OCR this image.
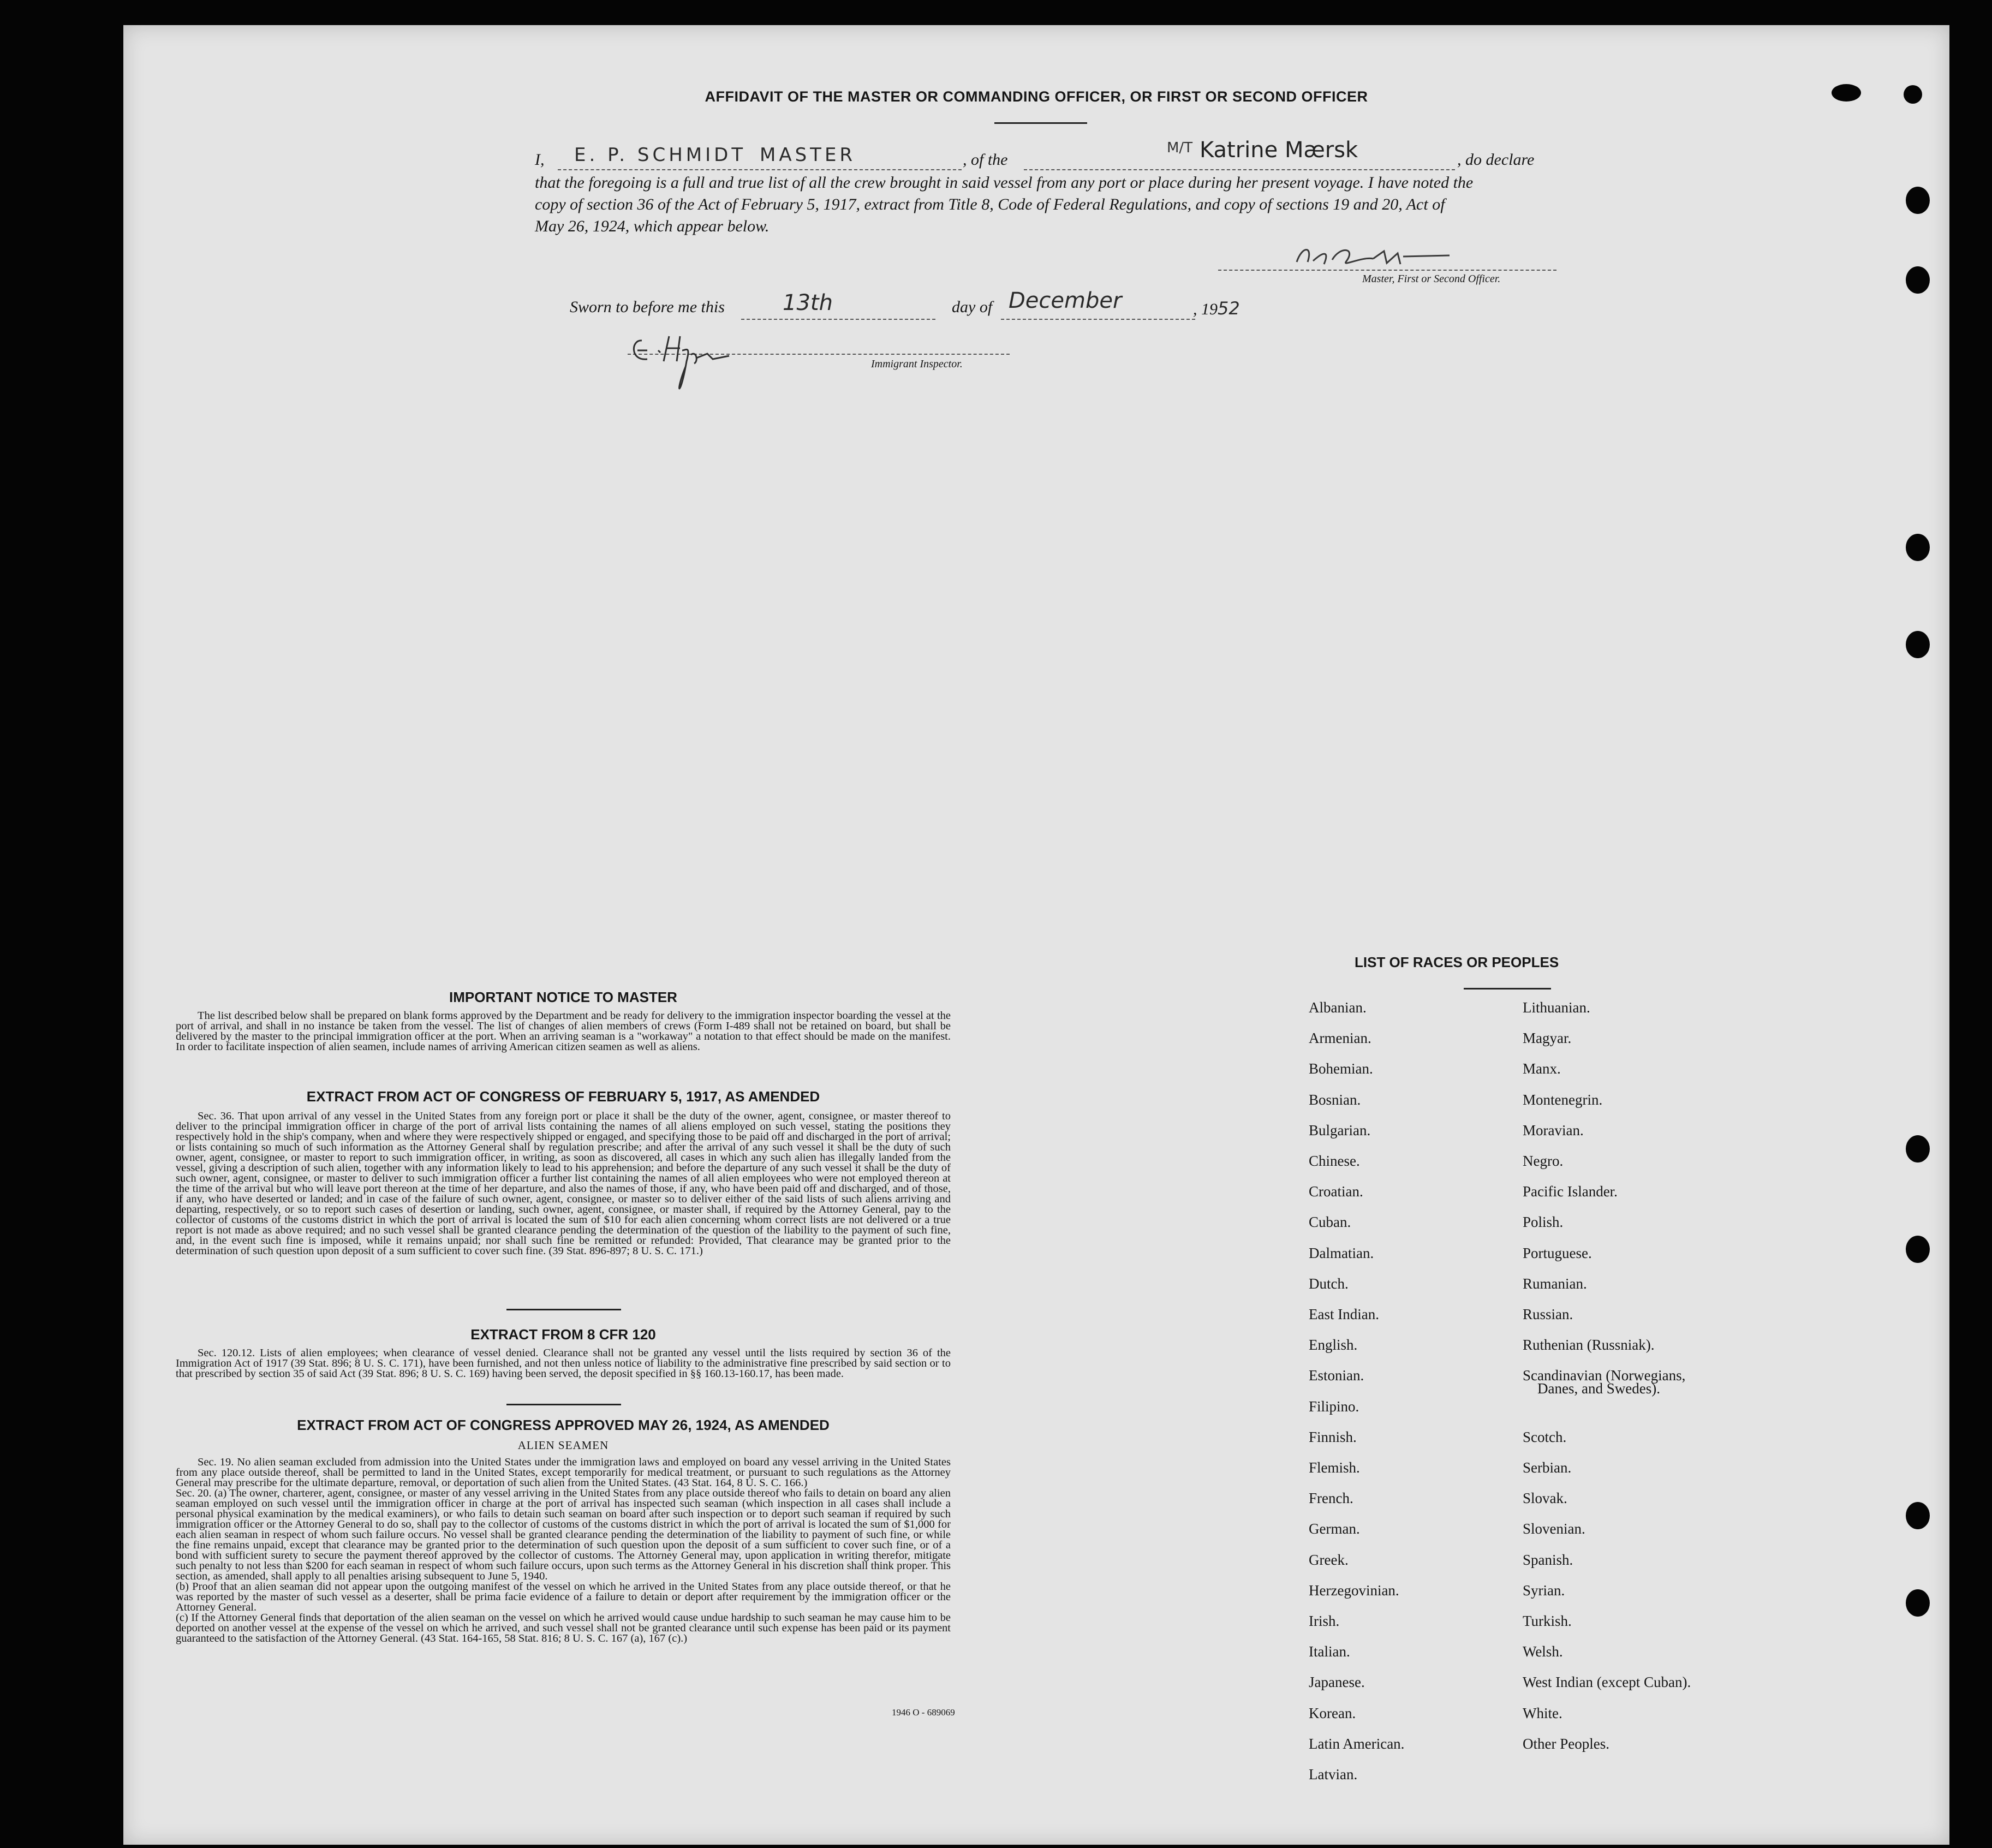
AFFIDAVIT OF THE MASTER OR COMMANDING OFFICER, OR FIRST OR SECOND OFFICER
I, E. P. SCHMIDT MASTER	, of the
M/T Katrine Mærsk	, do declare
that the foregoing is a full and true list of all the crew brought in said vessel from any port or place during her present voyage. I have noted the
copy of section 36 of the Act of February 5, 1917, extract from Title 8, Code of Federal Regulations, and copy of sections 19 and 20, Act of
May 26, 1924, which appear below.
Master, First or Second Officer.
Sworn to before me this	13th	day of December	, 1952
Immigrant Inspector.
IMPORTANT NOTICE TO MASTER
The list described below shall be prepared on blank forms approved by the Department and be ready for delivery to the immigration inspector boarding the vessel at the port of arrival, and shall in no instance be taken from the vessel. The list of changes of alien members of crews (Form I-489 shall not be retained on board, but shall be delivered by the master to the principal immigration officer at the port. When an arriving seaman is a "workaway" a notation to that effect should be made on the manifest. In order to facilitate inspection of alien seamen, include names of arriving American citizen seamen as well as aliens.
EXTRACT FROM ACT OF CONGRESS OF FEBRUARY 5, 1917, AS AMENDED
Sec. 36. That upon arrival of any vessel in the United States from any foreign port or place it shall be the duty of the owner, agent, consignee, or master thereof to deliver to the principal immigration officer in charge of the port of arrival lists containing the names of all aliens employed on such vessel, stating the positions they respectively hold in the ship's company, when and where they were respectively shipped or engaged, and specifying those to be paid off and discharged in the port of arrival; or lists containing so much of such information as the Attorney General shall by regulation prescribe; and after the arrival of any such vessel it shall be the duty of such owner, agent, consignee, or master to report to such immigration officer, in writing, as soon as discovered, all cases in which any such alien has illegally landed from the vessel, giving a description of such alien, together with any information likely to lead to his apprehension; and before the departure of any such vessel it shall be the duty of such owner, agent, consignee, or master to deliver to such immigration officer a further list containing the names of all alien employees who were not employed thereon at the time of the arrival but who will leave port thereon at the time of her departure, and also the names of those, if any, who have been paid off and discharged, and of those, if any, who have deserted or landed; and in case of the failure of such owner, agent, consignee, or master so to deliver either of the said lists of such aliens arriving and departing, respectively, or so to report such cases of desertion or landing, such owner, agent, consignee, or master shall, if required by the Attorney General, pay to the collector of customs of the customs district in which the port of arrival is located the sum of $10 for each alien concerning whom correct lists are not delivered or a true report is not made as above required; and no such vessel shall be granted clearance pending the determination of the question of the liability to the payment of such fine, and, in the event such fine is imposed, while it remains unpaid; nor shall such fine be remitted or refunded: Provided, That clearance may be granted prior to the determination of such question upon deposit of a sum sufficient to cover such fine. (39 Stat. 896-897; 8 U. S. C. 171.)
EXTRACT FROM 8 CFR 120
Sec. 120.12. Lists of alien employees; when clearance of vessel denied. Clearance shall not be granted any vessel until the lists required by section 36 of the Immigration Act of 1917 (39 Stat. 896; 8 U. S. C. 171), have been furnished, and not then unless notice of liability to the administrative fine prescribed by said section or to that prescribed by section 35 of said Act (39 Stat. 896; 8 U. S. C. 169) having been served, the deposit specified in §§ 160.13-160.17, has been made.
EXTRACT FROM ACT OF CONGRESS APPROVED MAY 26, 1924, AS AMENDED
ALIEN SEAMEN
Sec. 19. No alien seaman excluded from admission into the United States under the immigration laws and employed on board any vessel arriving in the United States from any place outside thereof, shall be permitted to land in the United States, except temporarily for medical treatment, or pursuant to such regulations as the Attorney General may prescribe for the ultimate departure, removal, or deportation of such alien from the United States. (43 Stat. 164, 8 U. S. C. 166.)
Sec. 20. (a) The owner, charterer, agent, consignee, or master of any vessel arriving in the United States from any place outside thereof who fails to detain on board any alien seaman employed on such vessel until the immigration officer in charge at the port of arrival has inspected such seaman (which inspection in all cases shall include a personal physical examination by the medical examiners), or who fails to detain such seaman on board after such inspection or to deport such seaman if required by such immigration officer or the Attorney General to do so, shall pay to the collector of customs of the customs district in which the port of arrival is located the sum of $1,000 for each alien seaman in respect of whom such failure occurs. No vessel shall be granted clearance pending the determination of the liability to payment of such fine, or while the fine remains unpaid, except that clearance may be granted prior to the determination of such question upon the deposit of a sum sufficient to cover such fine, or of a bond with sufficient surety to secure the payment thereof approved by the collector of customs. The Attorney General may, upon application in writing therefor, mitigate such penalty to not less than $200 for each seaman in respect of whom such failure occurs, upon such terms as the Attorney General in his discretion shall think proper. This section, as amended, shall apply to all penalties arising subsequent to June 5, 1940.
(b) Proof that an alien seaman did not appear upon the outgoing manifest of the vessel on which he arrived in the United States from any place outside thereof, or that he was reported by the master of such vessel as a deserter, shall be prima facie evidence of a failure to detain or deport after requirement by the immigration officer or the Attorney General.
(c) If the Attorney General finds that deportation of the alien seaman on the vessel on which he arrived would cause undue hardship to such seaman he may cause him to be deported on another vessel at the expense of the vessel on which he arrived, and such vessel shall not be granted clearance until such expense has been paid or its payment guaranteed to the satisfaction of the Attorney General. (43 Stat. 164-165, 58 Stat. 816; 8 U. S. C. 167 (a), 167 (c).)
1946 O - 689069
LIST OF RACES OR PEOPLES
Albanian.
Armenian.
Bohemian.
Bosnian.
Bulgarian.
Chinese.
Croatian.
Cuban.
Dalmatian.
Dutch.
East Indian.
English.
Estonian.
Filipino.
Finnish.
Flemish.
French.
German.
Greek.
Herzegovinian.
Irish.
Italian.
Japanese.
Korean.
Latin American.
Latvian.
Lithuanian.
Magyar.
Manx.
Montenegrin.
Moravian.
Negro.
Pacific Islander.
Polish.
Portuguese.
Rumanian.
Russian.
Ruthenian (Russniak).
Scandinavian (Norwegians,
Danes, and Swedes).
Scotch.
Serbian.
Slovak.
Slovenian.
Spanish.
Syrian.
Turkish.
Welsh.
West Indian (except Cuban).
White.
Other Peoples.
